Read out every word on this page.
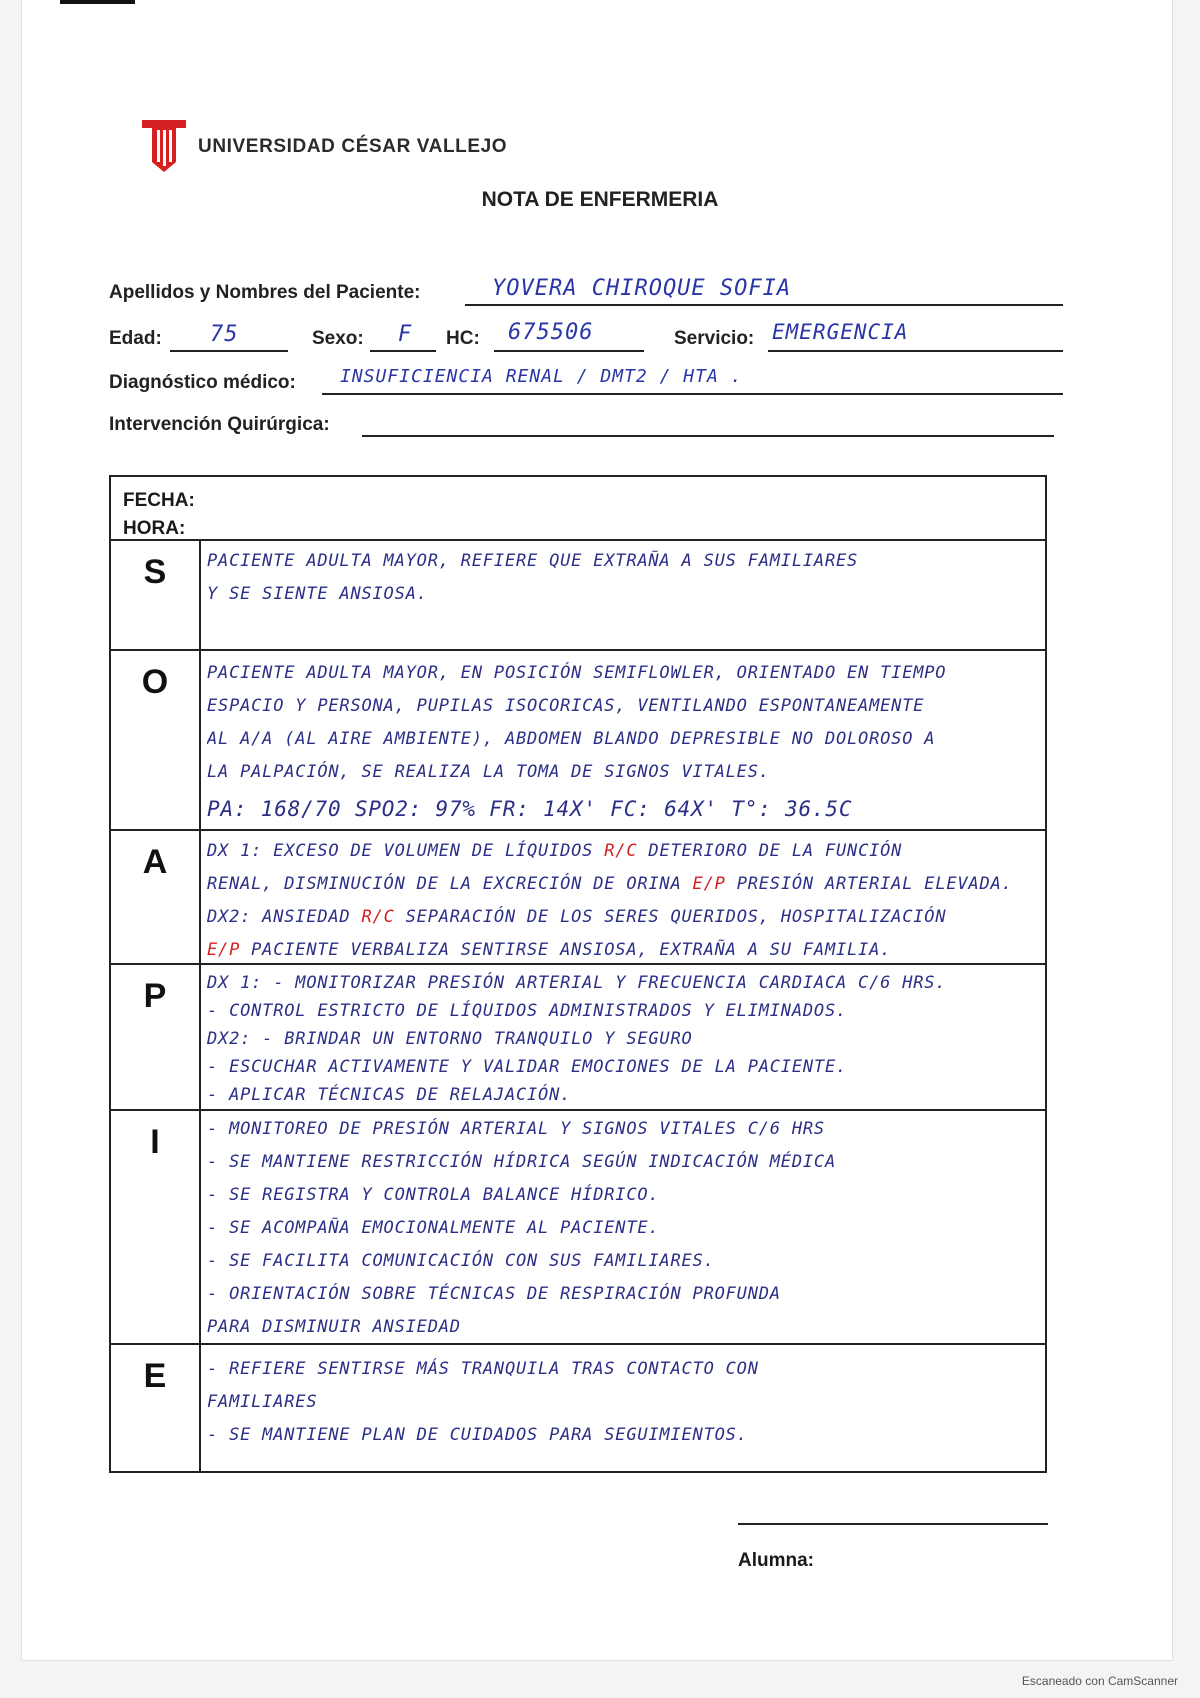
UNIVERSIDAD CÉSAR VALLEJO
NOTA DE ENFERMERIA
Apellidos y Nombres del Paciente:	YOVERA CHIROQUE SOFIA
Edad: 75	Sexo: F HC: 675506	Servicio: EMERGENCIA
Diagnóstico médico: INSUFICIENCIA RENAL / DMT2 / HTA .
Intervención Quirúrgica:
FECHA:
HORA:
S	PACIENTE ADULTA MAYOR, REFIERE QUE EXTRAÑA A SUS FAMILIARES
Y SE SIENTE ANSIOSA.
O	PACIENTE ADULTA MAYOR, EN POSICIÓN SEMIFLOWLER, ORIENTADO EN TIEMPO
ESPACIO Y PERSONA, PUPILAS ISOCORICAS, VENTILANDO ESPONTANEAMENTE
AL A/A (AL AIRE AMBIENTE), ABDOMEN BLANDO DEPRESIBLE NO DOLOROSO A
LA PALPACIÓN, SE REALIZA LA TOMA DE SIGNOS VITALES.
PA: 168/70 SPO2: 97% FR: 14X' FC: 64X' T°: 36.5C
A	DX 1: EXCESO DE VOLUMEN DE LÍQUIDOS R/C DETERIORO DE LA FUNCIÓN
RENAL, DISMINUCIÓN DE LA EXCRECIÓN DE ORINA E/P PRESIÓN ARTERIAL ELEVADA.
DX2: ANSIEDAD R/C SEPARACIÓN DE LOS SERES QUERIDOS, HOSPITALIZACIÓN
E/P PACIENTE VERBALIZA SENTIRSE ANSIOSA, EXTRAÑA A SU FAMILIA.
P	DX 1: - MONITORIZAR PRESIÓN ARTERIAL Y FRECUENCIA CARDIACA C/6 HRS.
- CONTROL ESTRICTO DE LÍQUIDOS ADMINISTRADOS Y ELIMINADOS.
DX2: - BRINDAR UN ENTORNO TRANQUILO Y SEGURO
- ESCUCHAR ACTIVAMENTE Y VALIDAR EMOCIONES DE LA PACIENTE.
- APLICAR TÉCNICAS DE RELAJACIÓN.
I	- MONITOREO DE PRESIÓN ARTERIAL Y SIGNOS VITALES C/6 HRS
- SE MANTIENE RESTRICCIÓN HÍDRICA SEGÚN INDICACIÓN MÉDICA
- SE REGISTRA Y CONTROLA BALANCE HÍDRICO.
- SE ACOMPAÑA EMOCIONALMENTE AL PACIENTE.
- SE FACILITA COMUNICACIÓN CON SUS FAMILIARES.
- ORIENTACIÓN SOBRE TÉCNICAS DE RESPIRACIÓN PROFUNDA
PARA DISMINUIR ANSIEDAD
E	- REFIERE SENTIRSE MÁS TRANQUILA TRAS CONTACTO CON
FAMILIARES
- SE MANTIENE PLAN DE CUIDADOS PARA SEGUIMIENTOS.
Alumna:
Escaneado con CamScanner
